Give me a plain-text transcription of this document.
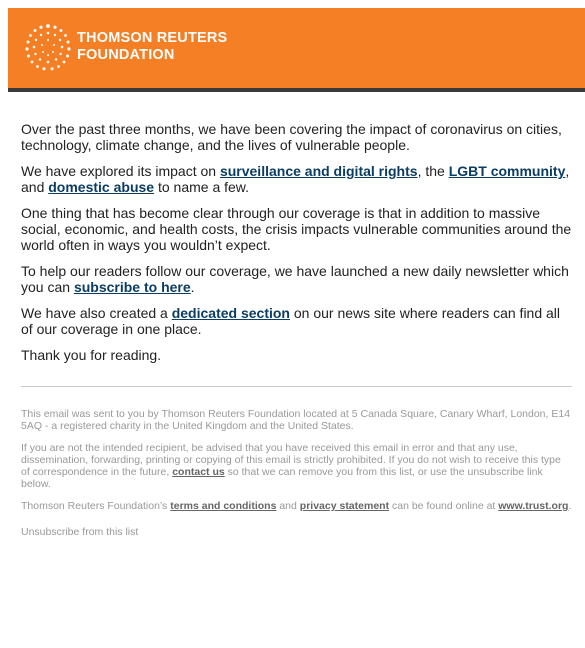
THOMSON REUTERS
FOUNDATION

Over the past three months, we have been covering the impact of coronavirus on cities, technology, climate change, and the lives of vulnerable people.

We have explored its impact on surveillance and digital rights, the LGBT community, and domestic abuse to name a few.

One thing that has become clear through our coverage is that in addition to massive social, economic, and health costs, the crisis impacts vulnerable communities around the world often in ways you wouldn’t expect.

To help our readers follow our coverage, we have launched a new daily newsletter which you can subscribe to here.

We have also created a dedicated section on our news site where readers can find all of our coverage in one place.

Thank you for reading.

This email was sent to you by Thomson Reuters Foundation located at 5 Canada Square, Canary Wharf, London, E14 5AQ - a registered charity in the United Kingdom and the United States.

If you are not the intended recipient, be advised that you have received this email in error and that any use, dissemination, forwarding, printing or copying of this email is strictly prohibited. If you do not wish to receive this type of correspondence in the future, contact us so that we can remove you from this list, or use the unsubscribe link below.

Thomson Reuters Foundation’s terms and conditions and privacy statement can be found online at www.trust.org.

Unsubscribe from this list
